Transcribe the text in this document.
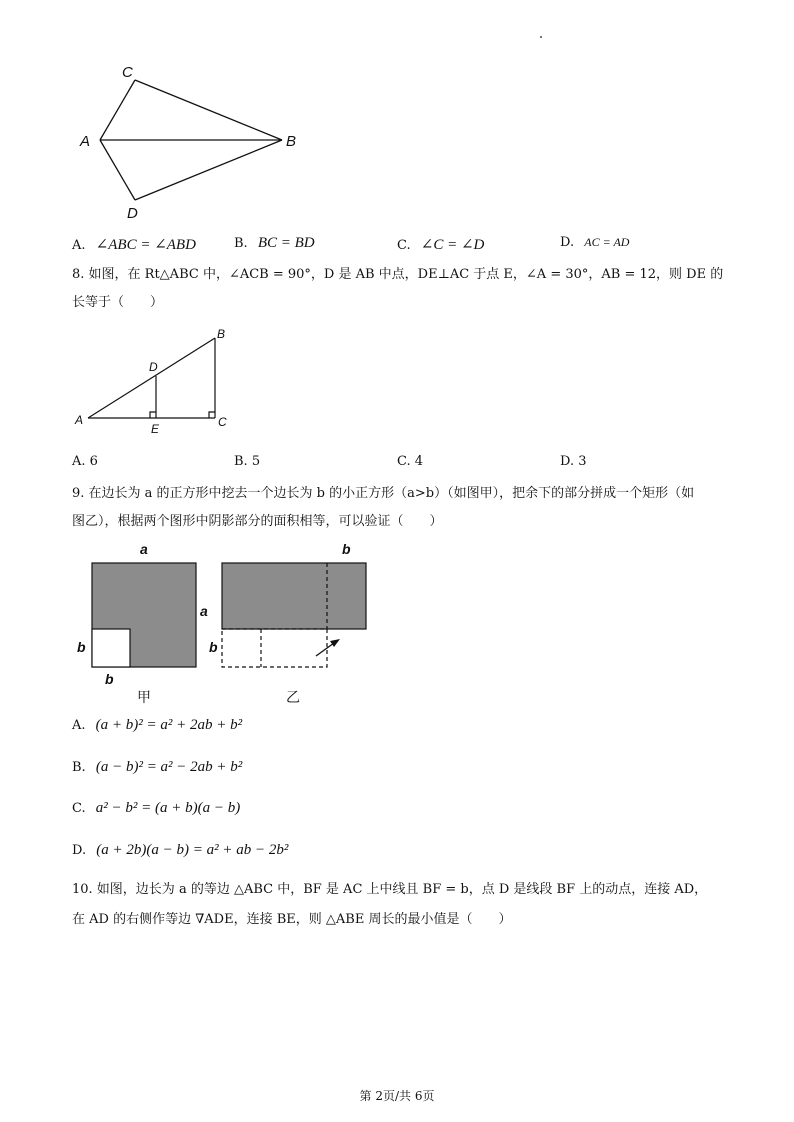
C
A	B
D
A. ∠ABC = ∠ABD	B. BC = BD	C. ∠C = ∠D	D. AC = AD
8. 如图，在 Rt△ABC 中，∠ACB = 90°，D 是 AB 中点，DE⊥AC 于点 E，∠A = 30°，AB = 12，则 DE 的
长等于（　　）
A
B
C
D
E
A. 6	B. 5	C. 4	D. 3
9. 在边长为 a 的正方形中挖去一个边长为 b 的小正方形（a>b）（如图甲），把余下的部分拼成一个矩形（如
图乙），根据两个图形中阴影部分的面积相等，可以验证（　　）
a
a
b
b
b
b
甲	乙
A. (a + b)² = a² + 2ab + b²
B. (a − b)² = a² − 2ab + b²
C. a² − b² = (a + b)(a − b)
D. (a + 2b)(a − b) = a² + ab − 2b²
10. 如图，边长为 a 的等边 △ABC 中，BF 是 AC 上中线且 BF = b，点 D 是线段 BF 上的动点，连接 AD，
在 AD 的右侧作等边 ∇ADE，连接 BE，则 △ABE 周长的最小值是（　　）
第 2页/共 6页
